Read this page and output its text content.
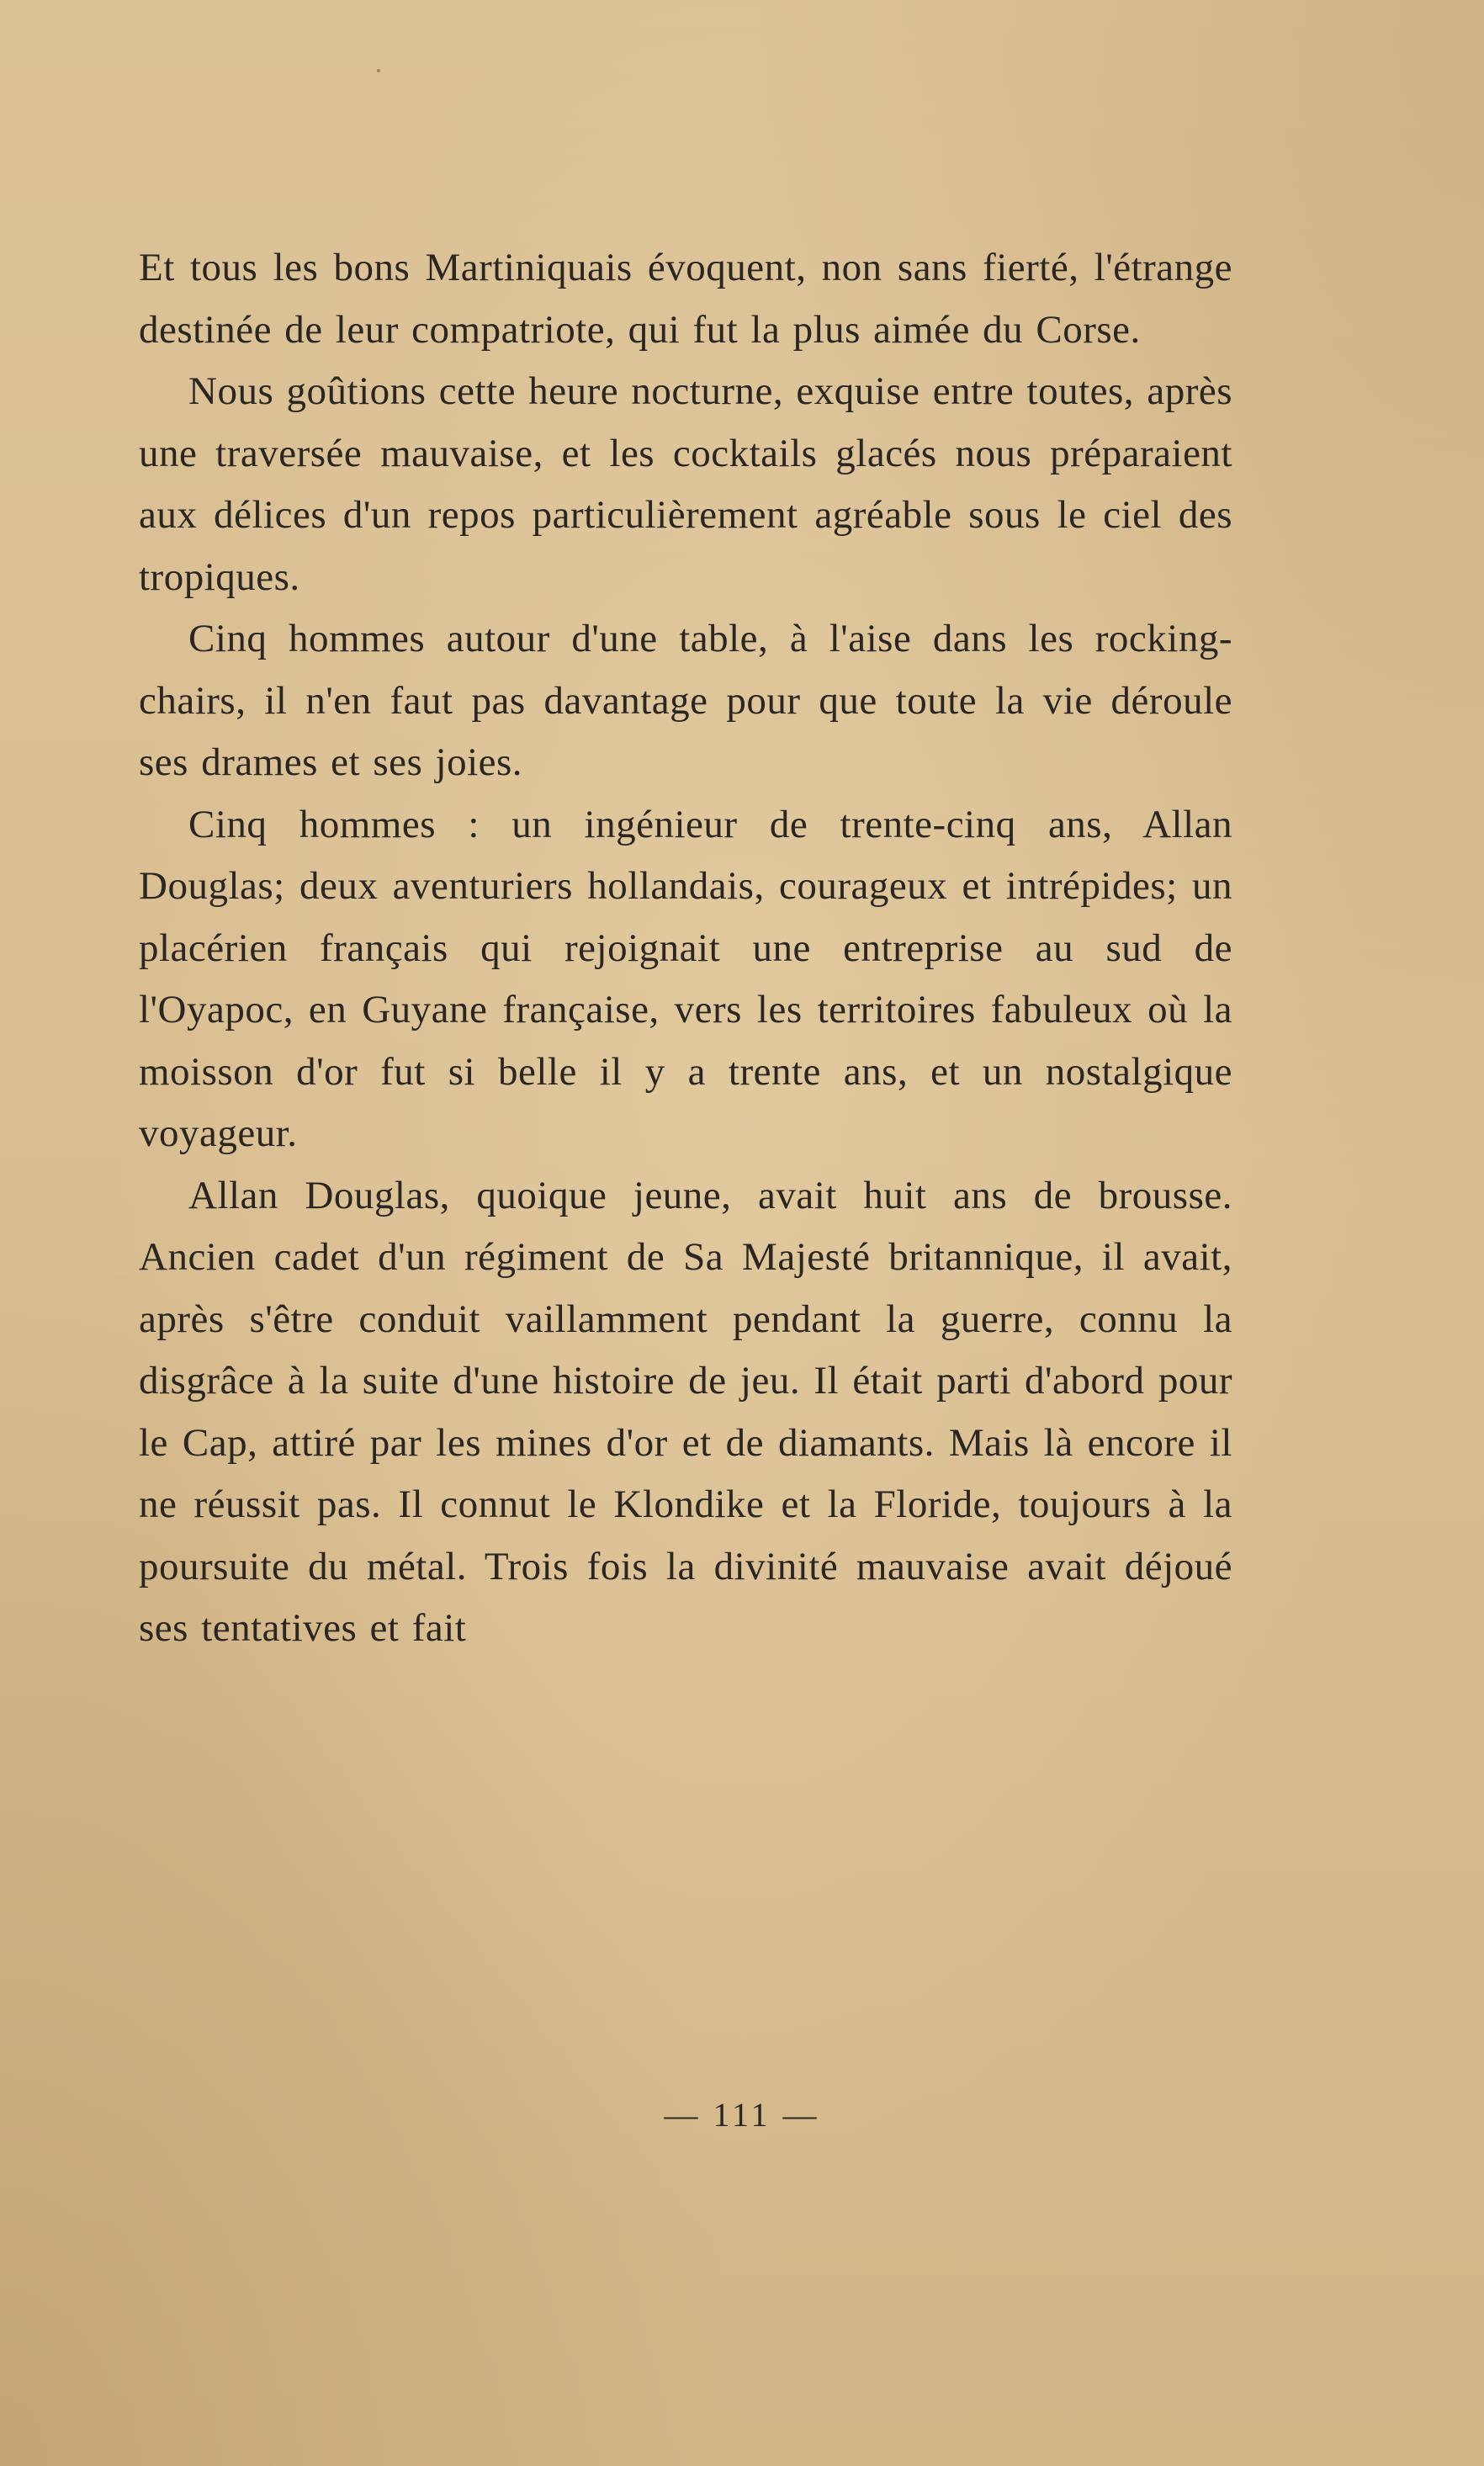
Et tous les bons Martiniquais évoquent, non sans fierté, l'étrange destinée de leur compatriote, qui fut la plus aimée du Corse.

Nous goûtions cette heure nocturne, exquise entre toutes, après une traversée mauvaise, et les cocktails glacés nous préparaient aux délices d'un repos particulièrement agréable sous le ciel des tropiques.

Cinq hommes autour d'une table, à l'aise dans les rocking-chairs, il n'en faut pas davantage pour que toute la vie déroule ses drames et ses joies.

Cinq hommes : un ingénieur de trente-cinq ans, Allan Douglas; deux aventuriers hollandais, courageux et intrépides; un placérien français qui rejoignait une entreprise au sud de l'Oyapoc, en Guyane française, vers les territoires fabuleux où la moisson d'or fut si belle il y a trente ans, et un nostalgique voyageur.

Allan Douglas, quoique jeune, avait huit ans de brousse. Ancien cadet d'un régiment de Sa Majesté britannique, il avait, après s'être conduit vaillamment pendant la guerre, connu la disgrâce à la suite d'une histoire de jeu. Il était parti d'abord pour le Cap, attiré par les mines d'or et de diamants. Mais là encore il ne réussit pas. Il connut le Klondike et la Floride, toujours à la poursuite du métal. Trois fois la divinité mauvaise avait déjoué ses tentatives et fait

— 111 —
